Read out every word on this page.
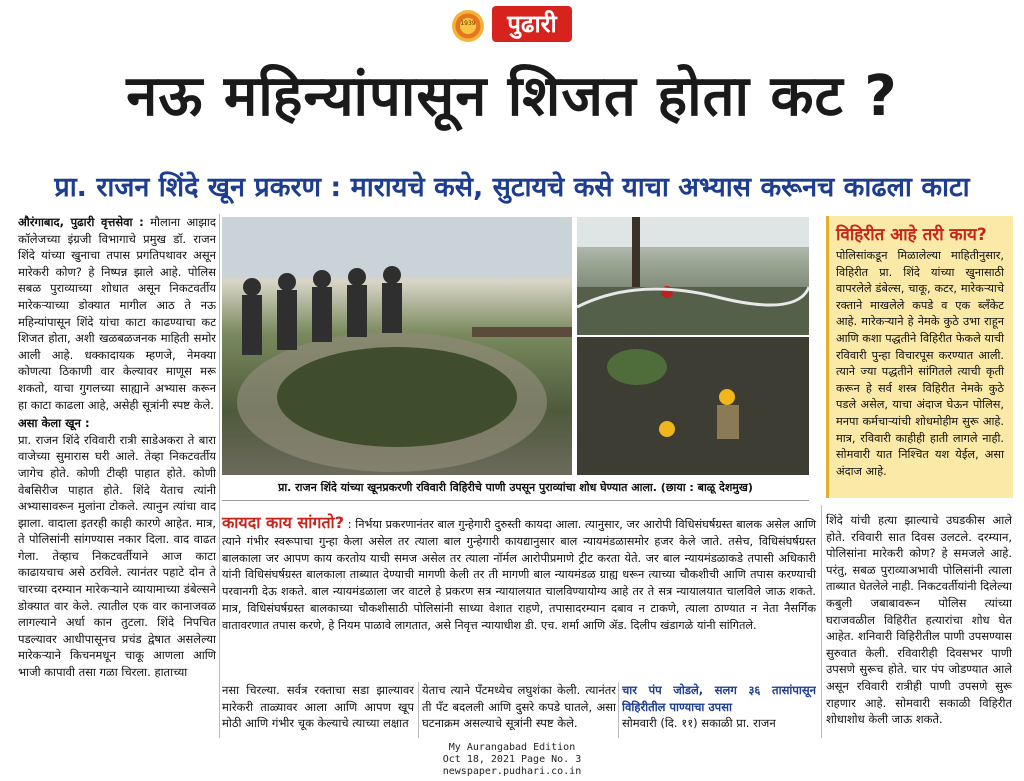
1939	पुढारी
नऊ महिन्यांपासून शिजत होता कट ?
प्रा. राजन शिंदे खून प्रकरण : मारायचे कसे, सुटायचे कसे याचा अभ्यास करूनच काढला काटा

औरंगाबाद, पुढारी वृत्तसेवा : मौलाना आझाद कॉलेजच्या इंग्रजी विभागाचे प्रमुख डॉ. राजन शिंदे यांच्या खुनाचा तपास प्रगतिपथावर असून मारेकरी कोण? हे निष्पन्न झाले आहे. पोलिस सबळ पुराव्याच्या शोधात असून निकटवर्तीय मारेकऱ्याच्या डोक्यात मागील आठ ते नऊ महिन्यांपासून शिंदे यांचा काटा काढण्याचा कट शिजत होता, अशी खळबळजनक माहिती समोर आली आहे. धक्कादायक म्हणजे, नेमक्या कोणत्या ठिकाणी वार केल्यावर माणूस मरू शकतो, याचा गुगलच्या साह्याने अभ्यास करून हा काटा काढला आहे, असेही सूत्रांनी स्पष्ट केले.

असा केला खून :

प्रा. राजन शिंदे रविवारी रात्री साडेअकरा ते बारा वाजेच्या सुमारास घरी आले. तेव्हा निकटवर्तीय जागेच होते. कोणी टीव्ही पाहात होते. कोणी वेबसिरीज पाहात होते. शिंदे येताच त्यांनी अभ्यासावरून मुलांना टोकले. त्यानुन त्यांचा वाद झाला. वादाला इतरही काही कारणे आहेत. मात्र, ते पोलिसांनी सांगण्यास नकार दिला. वाद वाढत गेला. तेव्हाच निकटवर्तीयाने आज काटा काढायचाच असे ठरविले. त्यानंतर पहाटे दोन ते चारच्या दरम्यान मारेकऱ्याने व्यायामाच्या डंबेल्सने डोक्यात वार केले. त्यातील एक वार कानाजवळ लागल्याने अर्धा कान तुटला. शिंदे निपचित पडल्यावर आधीपासूनच प्रचंड द्वेषात असलेल्या मारेकऱ्याने किचनमधून चाकू आणला आणि भाजी कापावी तसा गळा चिरला. हाताच्या

प्रा. राजन शिंदे यांच्या खूनप्रकरणी रविवारी विहिरीचे पाणी उपसून पुराव्यांचा शोध घेण्यात आला. (छाया : बाळू देशमुख)
विहिरीत आहे तरी काय?
पोलिसांकडून मिळालेल्या माहितीनुसार, विहिरीत प्रा. शिंदे यांच्या खुनासाठी वापरलेले डंबेल्स, चाकू, कटर, मारेकऱ्याचे रक्ताने माखलेले कपडे व एक ब्लँकेट आहे. मारेकऱ्याने हे नेमके कुठे उभा राहून आणि कशा पद्धतीने विहिरीत फेकले याची रविवारी पुन्हा विचारपूस करण्यात आली. त्याने ज्या पद्धतीने सांगितले त्याची कृती करून हे सर्व शस्त्र विहिरीत नेमके कुठे पडले असेल, याचा अंदाज घेऊन पोलिस, मनपा कर्मचाऱ्यांची शोधमोहीम सुरू आहे. मात्र, रविवारी काहीही हाती लागले नाही. सोमवारी यात निश्चित यश येईल, असा अंदाज आहे.
कायदा काय सांगतो? : निर्भया प्रकरणानंतर बाल गुन्हेगारी दुरुस्ती कायदा आला. त्यानुसार, जर आरोपी विधिसंघर्षग्रस्त बालक असेल आणि त्याने गंभीर स्वरूपाचा गुन्हा केला असेल तर त्याला बाल गुन्हेगारी कायद्यानुसार बाल न्यायमंडळासमोर हजर केले जाते. तसेच, विधिसंघर्षग्रस्त बालकाला जर आपण काय करतोय याची समज असेल तर त्याला नॉर्मल आरोपीप्रमाणे ट्रीट करता येते. जर बाल न्यायमंडळाकडे तपासी अधिकारी यांनी विधिसंघर्षग्रस्त बालकाला ताब्यात देण्याची मागणी केली तर ती मागणी बाल न्यायमंडळ ग्राह्य धरून त्याच्या चौकशीची आणि तपास करण्याची परवानगी देऊ शकते. बाल न्यायमंडळाला जर वाटले हे प्रकरण सत्र न्यायालयात चालविण्यायोग्य आहे तर ते सत्र न्यायालयात चालविले जाऊ शकते. मात्र, विधिसंघर्षग्रस्त बालकाच्या चौकशीसाठी पोलिसांनी साध्या वेशात राहणे, तपासादरम्यान दबाव न टाकणे, त्याला ठाण्यात न नेता नैसर्गिक वातावरणात तपास करणे, हे नियम पाळावे लागतात, असे निवृत्त न्यायाधीश डी. एच. शर्मा आणि ॲड. दिलीप खंडागळे यांनी सांगितले.
नसा चिरल्या. सर्वत्र रक्ताचा सडा झाल्यावर मारेकरी ताळ्यावर आला आणि आपण खूप मोठी आणि गंभीर चूक केल्याचे त्याच्या लक्षात
येताच त्याने पँटमध्येच लघुशंका केली. त्यानंतर ती पँट बदलली आणि दुसरे कपडे घातले, असा घटनाक्रम असल्याचे सूत्रांनी स्पष्ट केले.

चार पंप जोडले, सलग ३६ तासांपासून विहिरीतील पाण्याचा उपसा

सोमवारी (दि. ११) सकाळी प्रा. राजन

शिंदे यांची हत्या झाल्याचे उघडकीस आले होते. रविवारी सात दिवस उलटले. दरम्यान, पोलिसांना मारेकरी कोण? हे समजले आहे. परंतु, सबळ पुराव्याअभावी पोलिसांनी त्याला ताब्यात घेतलेले नाही. निकटवर्तीयांनी दिलेल्या कबुली जबाबावरून पोलिस त्यांच्या घराजवळील विहिरीत हत्यारांचा शोध घेत आहेत. शनिवारी विहिरीतील पाणी उपसण्यास सुरुवात केली. रविवारीही दिवसभर पाणी उपसणे सुरूच होते. चार पंप जोडण्यात आले असून रविवारी रात्रीही पाणी उपसणे सुरू राहणार आहे. सोमवारी सकाळी विहिरीत शोधाशोध केली जाऊ शकते.
My Aurangabad Edition
Oct 18, 2021 Page No. 3
newspaper.pudhari.co.in
